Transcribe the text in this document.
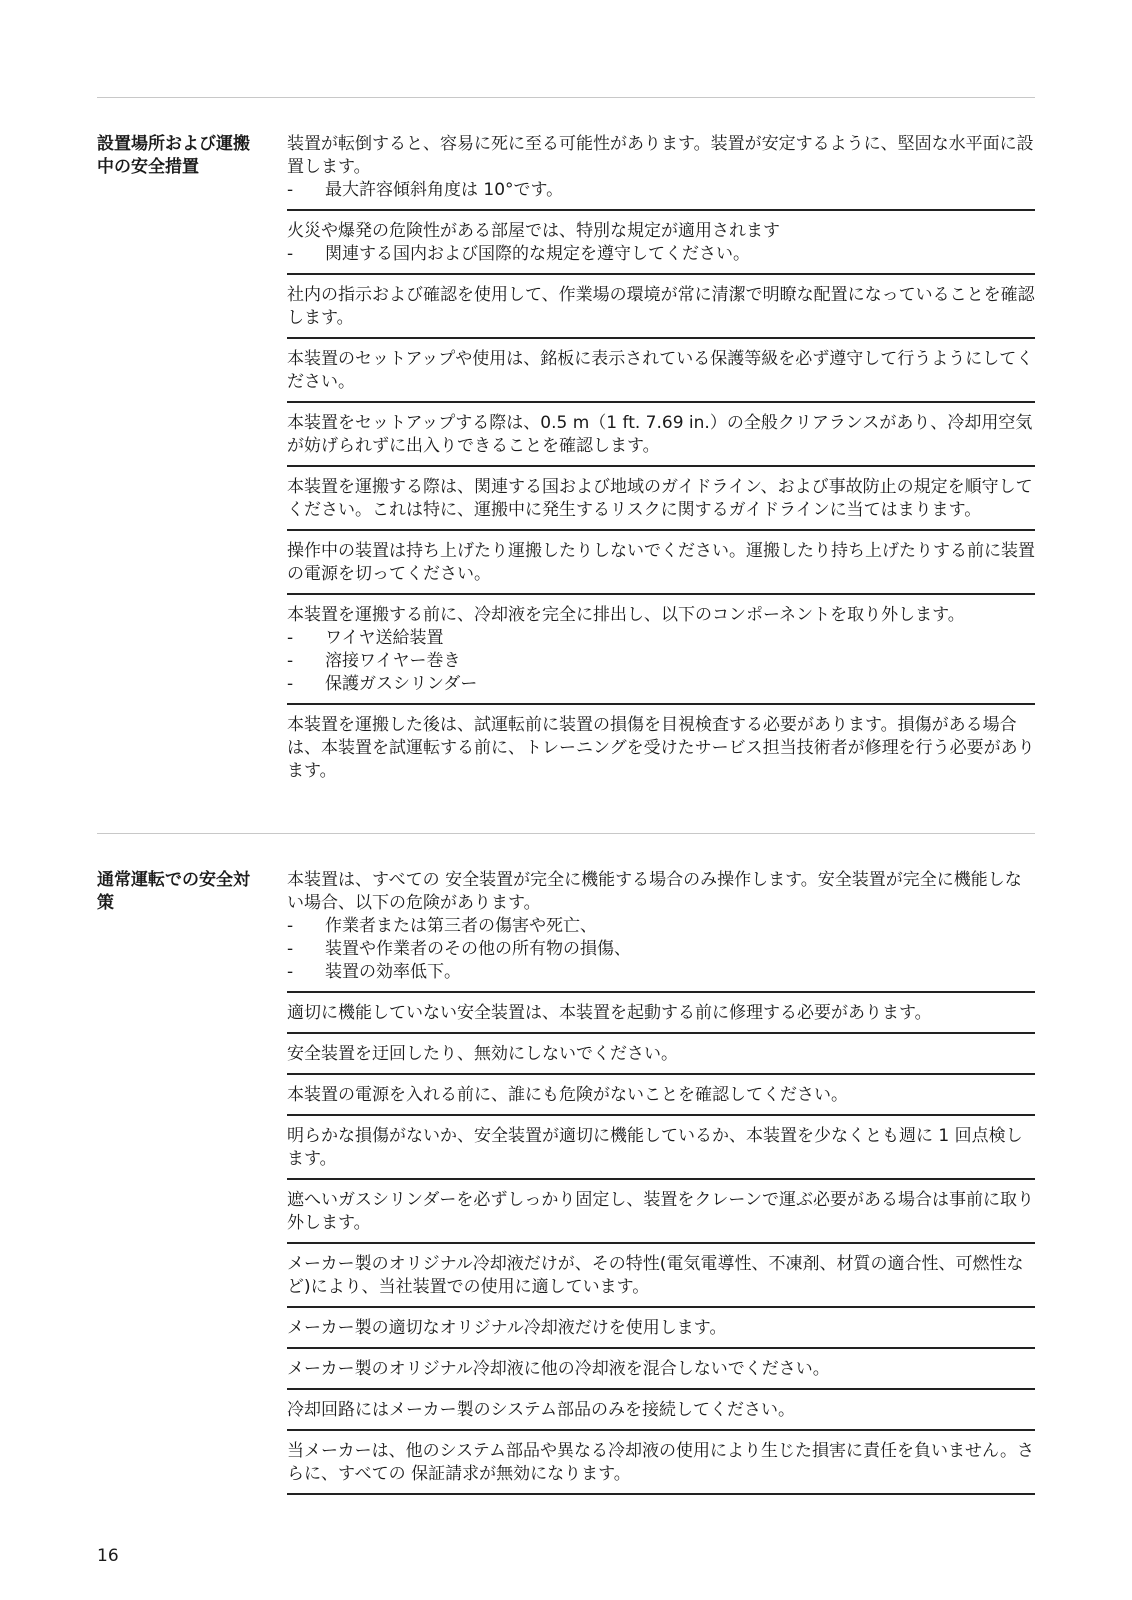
設置場所および運搬中の安全措置

装置が転倒すると、容易に死に至る可能性があります。装置が安定するように、堅固な水平面に設置します。

-	最大許容傾斜角度は 10°です。

火災や爆発の危険性がある部屋では、特別な規定が適用されます

-	関連する国内および国際的な規定を遵守してください。

社内の指示および確認を使用して、作業場の環境が常に清潔で明瞭な配置になっていることを確認します。

本装置のセットアップや使用は、銘板に表示されている保護等級を必ず遵守して行うようにしてください。

本装置をセットアップする際は、0.5 m（1 ft. 7.69 in.）の全般クリアランスがあり、冷却用空気が妨げられずに出入りできることを確認します。

本装置を運搬する際は、関連する国および地域のガイドライン、および事故防止の規定を順守してください。これは特に、運搬中に発生するリスクに関するガイドラインに当てはまります。

操作中の装置は持ち上げたり運搬したりしないでください。運搬したり持ち上げたりする前に装置の電源を切ってください。

本装置を運搬する前に、冷却液を完全に排出し、以下のコンポーネントを取り外します。

-	ワイヤ送給装置
-	溶接ワイヤー巻き
-	保護ガスシリンダー

本装置を運搬した後は、試運転前に装置の損傷を目視検査する必要があります。損傷がある場合は、本装置を試運転する前に、トレーニングを受けたサービス担当技術者が修理を行う必要があります。

通常運転での安全対策

本装置は、すべての 安全装置が完全に機能する場合のみ操作します。安全装置が完全に機能しない場合、以下の危険があります。

-	作業者または第三者の傷害や死亡、
-	装置や作業者のその他の所有物の損傷、
-	装置の効率低下。

適切に機能していない安全装置は、本装置を起動する前に修理する必要があります。

安全装置を迂回したり、無効にしないでください。

本装置の電源を入れる前に、誰にも危険がないことを確認してください。

明らかな損傷がないか、安全装置が適切に機能しているか、本装置を少なくとも週に 1 回点検します。

遮へいガスシリンダーを必ずしっかり固定し、装置をクレーンで運ぶ必要がある場合は事前に取り外します。

メーカー製のオリジナル冷却液だけが、その特性(電気電導性、不凍剤、材質の適合性、可燃性など)により、当社装置での使用に適しています。

メーカー製の適切なオリジナル冷却液だけを使用します。

メーカー製のオリジナル冷却液に他の冷却液を混合しないでください。

冷却回路にはメーカー製のシステム部品のみを接続してください。

当メーカーは、他のシステム部品や異なる冷却液の使用により生じた損害に責任を負いません。さらに、すべての 保証請求が無効になります。

16
